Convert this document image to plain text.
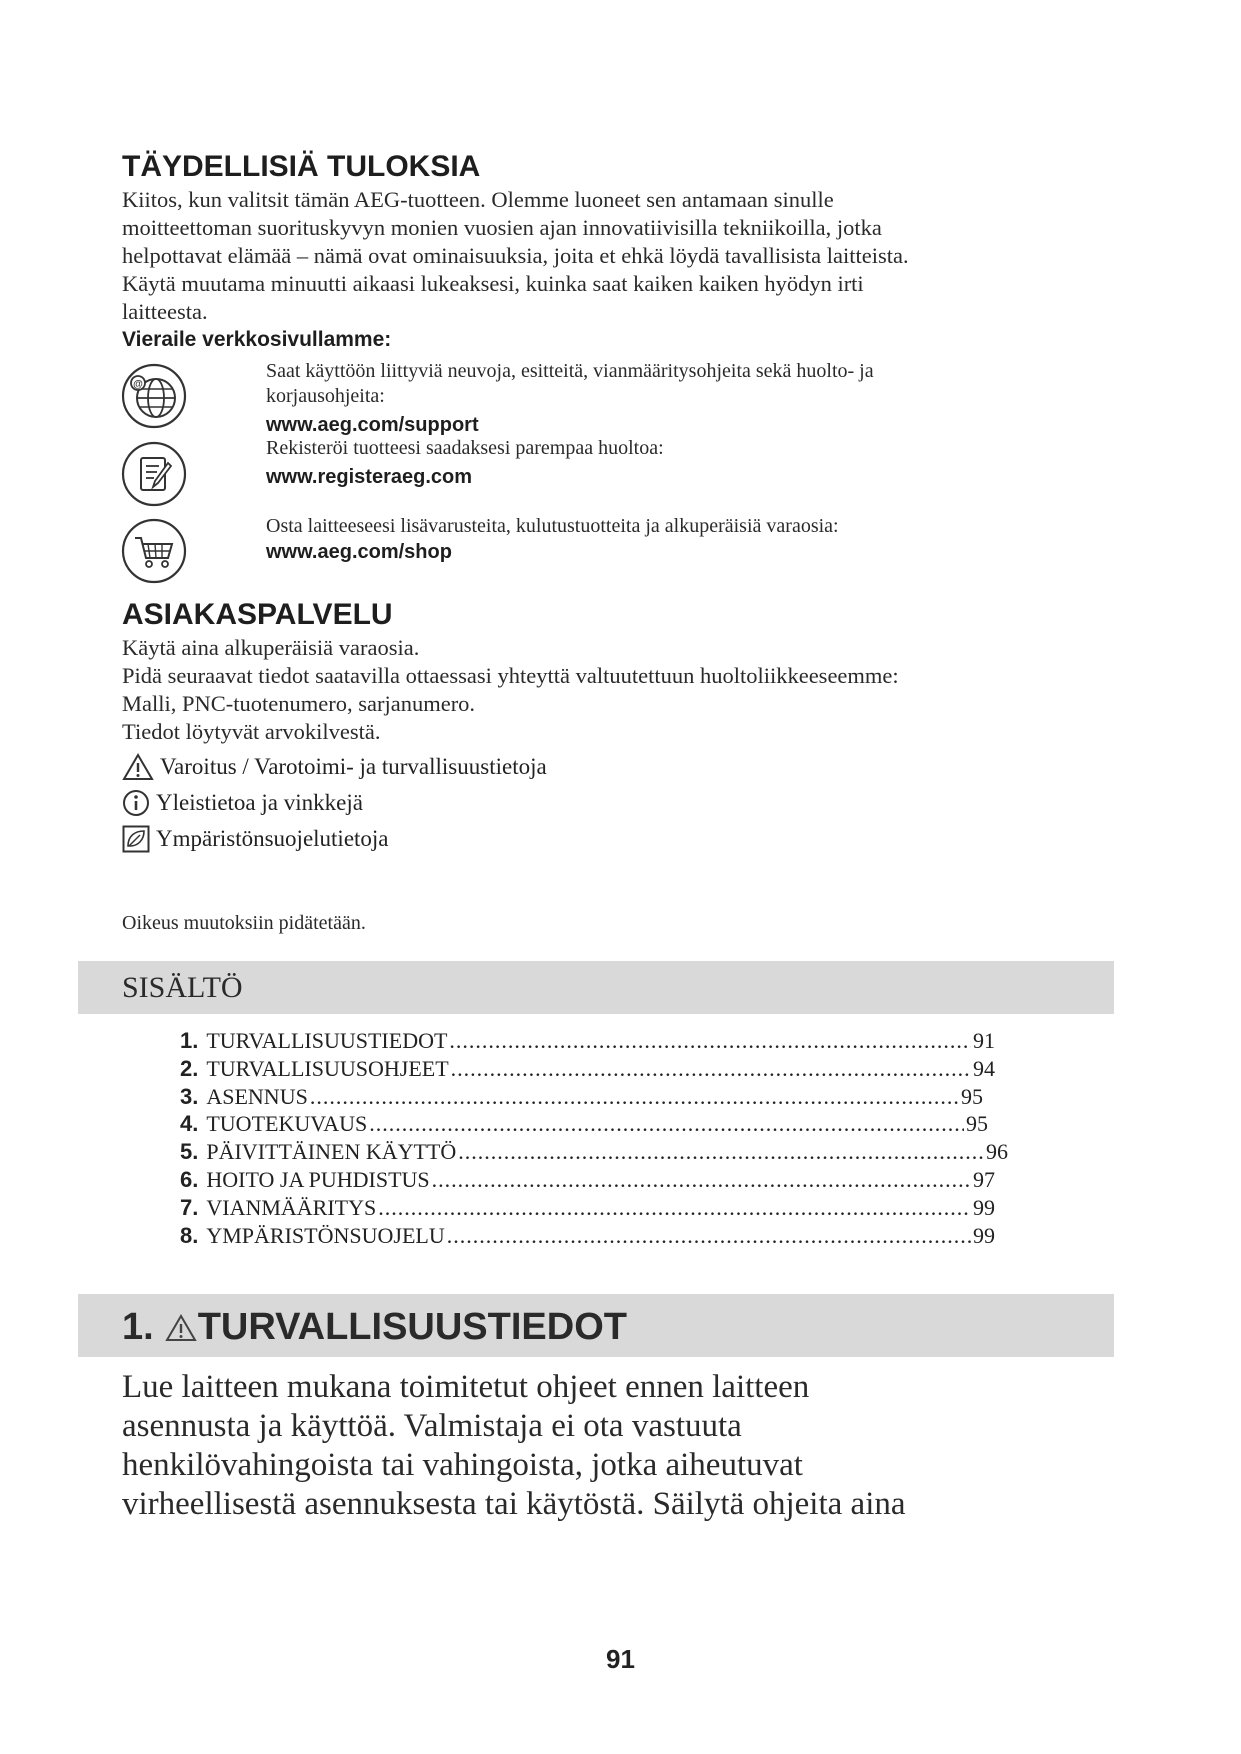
TÄYDELLISIÄ TULOKSIA
Kiitos, kun valitsit tämän AEG-tuotteen. Olemme luoneet sen antamaan sinulle
moitteettoman suorituskyvyn monien vuosien ajan innovatiivisilla tekniikoilla, jotka
helpottavat elämää – nämä ovat ominaisuuksia, joita et ehkä löydä tavallisista laitteista.
Käytä muutama minuutti aikaasi lukeaksesi, kuinka saat kaiken kaiken hyödyn irti
laitteesta.
Vieraile verkkosivullamme:
@
Saat käyttöön liittyviä neuvoja, esitteitä, vianmääritysohjeita sekä huolto- ja
korjausohjeita:
www.aeg.com/support
Rekisteröi tuotteesi saadaksesi parempaa huoltoa:
www.registeraeg.com
Osta laitteeseesi lisävarusteita, kulutustuotteita ja alkuperäisiä varaosia:
www.aeg.com/shop
ASIAKASPALVELU
Käytä aina alkuperäisiä varaosia.
Pidä seuraavat tiedot saatavilla ottaessasi yhteyttä valtuutettuun huoltoliikkeeseemme:
Malli, PNC-tuotenumero, sarjanumero.
Tiedot löytyvät arvokilvestä.
Varoitus / Varotoimi- ja turvallisuustietoja
Yleistietoa ja vinkkejä
Ympäristönsuojelutietoja
Oikeus muutoksiin pidätetään.
SISÄLTÖ
1. TURVALLISUUSTIEDOT .....	91
2. TURVALLISUUSOHJEET .....	94
3. ASENNUS .....	95
4. TUOTEKUVAUS .....	95
5. PÄIVITTÄINEN KÄYTTÖ .....	96
6. HOITO JA PUHDISTUS .....	97
7. VIANMÄÄRITYS .....	99
8. YMPÄRISTÖNSUOJELU .....	99
1. TURVALLISUUSTIEDOT
Lue laitteen mukana toimitetut ohjeet ennen laitteen
asennusta ja käyttöä. Valmistaja ei ota vastuuta
henkilövahingoista tai vahingoista, jotka aiheutuvat
virheellisestä asennuksesta tai käytöstä. Säilytä ohjeita aina
91
